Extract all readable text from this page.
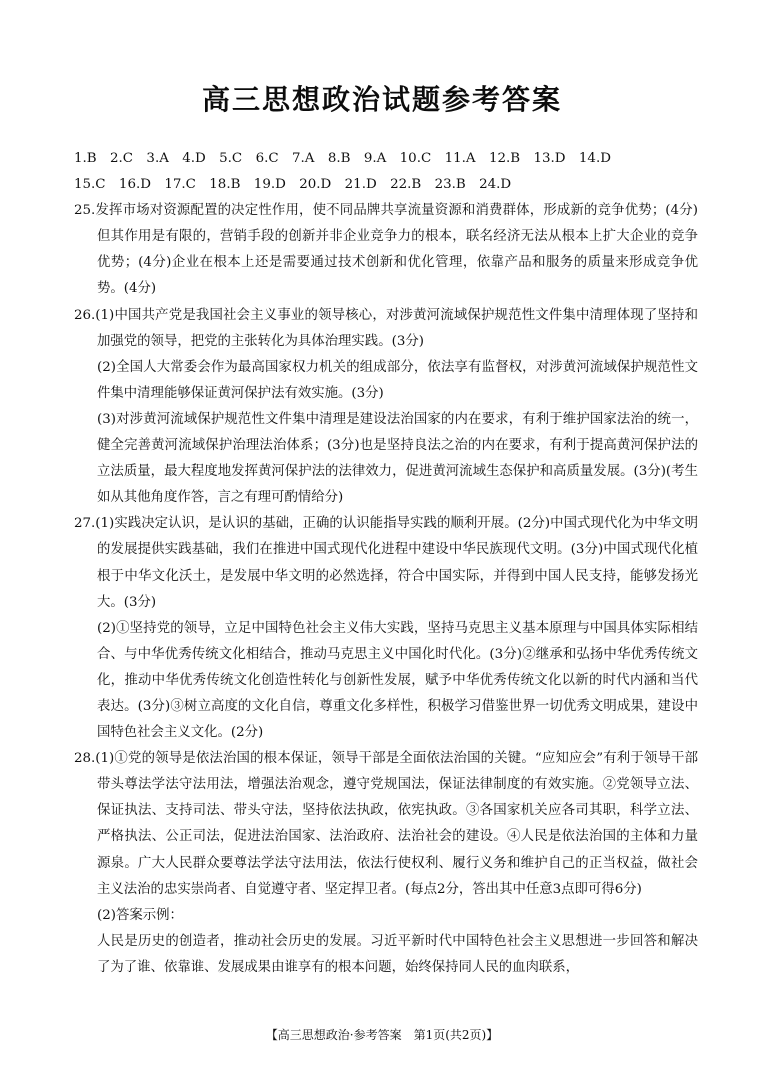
高三思想政治试题参考答案

1.B　2.C　3.A　4.D　5.C　6.C　7.A　8.B　9.A　10.C　11.A　12.B　13.D　14.D

15.C　16.D　17.C　18.B　19.D　20.D　21.D　22.B　23.B　24.D

25.发挥市场对资源配置的决定性作用，使不同品牌共享流量资源和消费群体，形成新的竞争优势；(4分)但其作用是有限的，营销手段的创新并非企业竞争力的根本，联名经济无法从根本上扩大企业的竞争优势；(4分)企业在根本上还是需要通过技术创新和优化管理，依靠产品和服务的质量来形成竞争优势。(4分)

26.(1)中国共产党是我国社会主义事业的领导核心，对涉黄河流域保护规范性文件集中清理体现了坚持和加强党的领导，把党的主张转化为具体治理实践。(3分)

(2)全国人大常委会作为最高国家权力机关的组成部分，依法享有监督权，对涉黄河流域保护规范性文件集中清理能够保证黄河保护法有效实施。(3分)

(3)对涉黄河流域保护规范性文件集中清理是建设法治国家的内在要求，有利于维护国家法治的统一，健全完善黄河流域保护治理法治体系；(3分)也是坚持良法之治的内在要求，有利于提高黄河保护法的立法质量，最大程度地发挥黄河保护法的法律效力，促进黄河流域生态保护和高质量发展。(3分)(考生如从其他角度作答，言之有理可酌情给分)

27.(1)实践决定认识，是认识的基础，正确的认识能指导实践的顺利开展。(2分)中国式现代化为中华文明的发展提供实践基础，我们在推进中国式现代化进程中建设中华民族现代文明。(3分)中国式现代化植根于中华文化沃土，是发展中华文明的必然选择，符合中国实际，并得到中国人民支持，能够发扬光大。(3分)

(2)①坚持党的领导，立足中国特色社会主义伟大实践，坚持马克思主义基本原理与中国具体实际相结合、与中华优秀传统文化相结合，推动马克思主义中国化时代化。(3分)②继承和弘扬中华优秀传统文化，推动中华优秀传统文化创造性转化与创新性发展，赋予中华优秀传统文化以新的时代内涵和当代表达。(3分)③树立高度的文化自信，尊重文化多样性，积极学习借鉴世界一切优秀文明成果，建设中国特色社会主义文化。(2分)

28.(1)①党的领导是依法治国的根本保证，领导干部是全面依法治国的关键。“应知应会”有利于领导干部带头尊法学法守法用法，增强法治观念，遵守党规国法，保证法律制度的有效实施。②党领导立法、保证执法、支持司法、带头守法，坚持依法执政，依宪执政。③各国家机关应各司其职，科学立法、严格执法、公正司法，促进法治国家、法治政府、法治社会的建设。④人民是依法治国的主体和力量源泉。广大人民群众要尊法学法守法用法，依法行使权利、履行义务和维护自己的正当权益，做社会主义法治的忠实崇尚者、自觉遵守者、坚定捍卫者。(每点2分，答出其中任意3点即可得6分)

(2)答案示例：

人民是历史的创造者，推动社会历史的发展。习近平新时代中国特色社会主义思想进一步回答和解决了为了谁、依靠谁、发展成果由谁享有的根本问题，始终保持同人民的血肉联系，

【高三思想政治·参考答案　第1页(共2页)】
